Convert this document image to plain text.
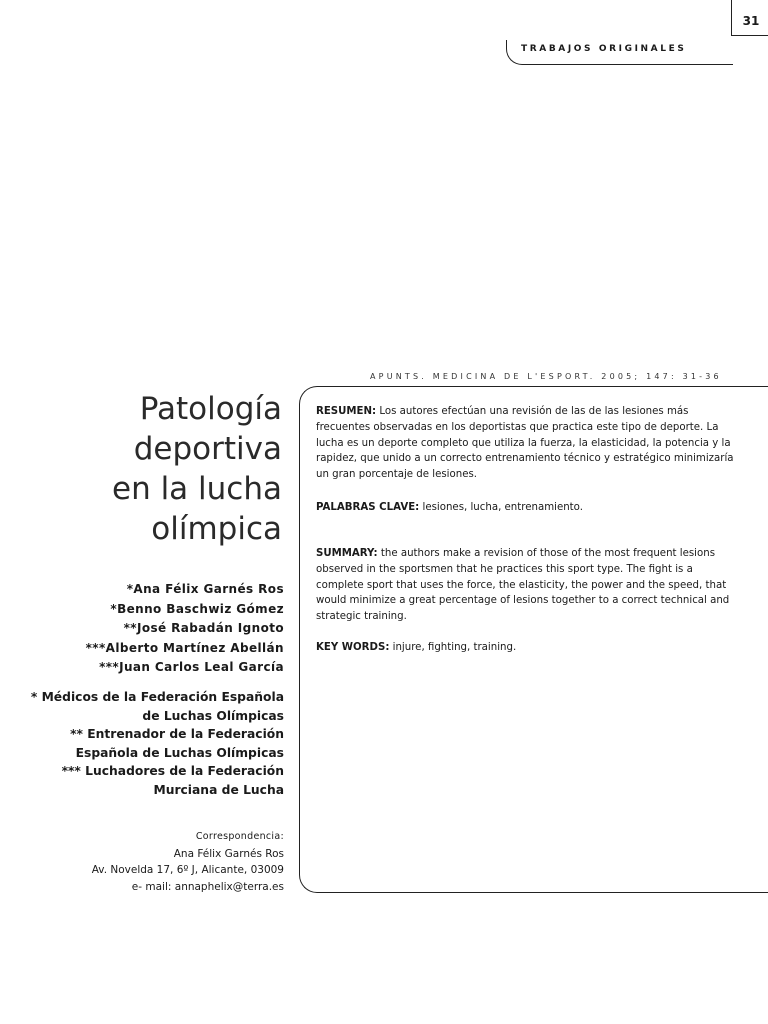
31
TRABAJOS ORIGINALES
APUNTS. MEDICINA DE L'ESPORT. 2005; 147: 31-36
Patología
deportiva
en la lucha
olímpica
*Ana Félix Garnés Ros
*Benno Baschwiz Gómez
**José Rabadán Ignoto
***Alberto Martínez Abellán
***Juan Carlos Leal García
* Médicos de la Federación Española
de Luchas Olímpicas
** Entrenador de la Federación
Española de Luchas Olímpicas
*** Luchadores de la Federación
Murciana de Lucha
Correspondencia:
Ana Félix Garnés Ros
Av. Novelda 17, 6º J, Alicante, 03009
e- mail: annaphelix@terra.es
RESUMEN: Los autores efectúan una revisión de las de las lesiones más frecuentes observadas en los deportistas que practica este tipo de deporte. La lucha es un deporte completo que utiliza la fuerza, la elasticidad, la potencia y la rapidez, que unido a un correcto entrenamiento técnico y estratégico minimizaría un gran porcentaje de lesiones.
PALABRAS CLAVE: lesiones, lucha, entrenamiento.
SUMMARY: the authors make a revision of those of the most frequent lesions observed in the sportsmen that he practices this sport type. The fight is a complete sport that uses the force, the elasticity, the power and the speed, that would minimize a great percentage of lesions together to a correct technical and strategic training.
KEY WORDS: injure, fighting, training.
